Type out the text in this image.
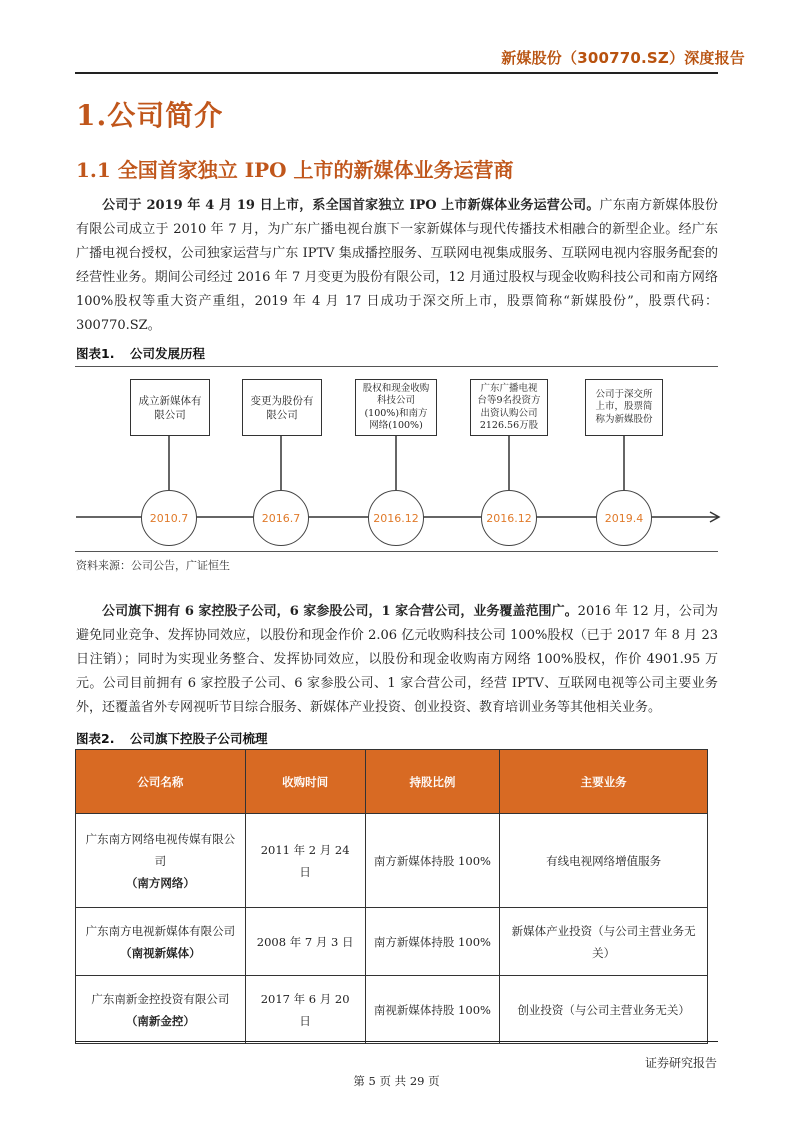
新媒股份（300770.SZ）深度报告
1.公司简介
1.1 全国首家独立 IPO 上市的新媒体业务运营商
公司于 2019 年 4 月 19 日上市，系全国首家独立 IPO 上市新媒体业务运营公司。广东南方新媒体股份有限公司成立于 2010 年 7 月，为广东广播电视台旗下一家新媒体与现代传播技术相融合的新型企业。经广东广播电视台授权，公司独家运营与广东 IPTV 集成播控服务、互联网电视集成服务、互联网电视内容服务配套的经营性业务。期间公司经过 2016 年 7 月变更为股份有限公司，12 月通过股权与现金收购科技公司和南方网络 100%股权等重大资产重组，2019 年 4 月 17 日成功于深交所上市，股票简称“新媒股份”，股票代码：300770.SZ。
图表1. 公司发展历程
成立新媒体有限公司
变更为股份有限公司
股权和现金收购科技公司(100%)和南方网络(100%)
广东广播电视台等9名投资方出资认购公司2126.56万股
公司于深交所上市，股票简称为新媒股份
2010.7	2016.7	2016.12	2016.12	2019.4
资料来源：公司公告，广证恒生
公司旗下拥有 6 家控股子公司，6 家参股公司，1 家合营公司，业务覆盖范围广。2016 年 12 月，公司为避免同业竞争、发挥协同效应，以股份和现金作价 2.06 亿元收购科技公司 100%股权（已于 2017 年 8 月 23 日注销）；同时为实现业务整合、发挥协同效应，以股份和现金收购南方网络 100%股权，作价 4901.95 万元。公司目前拥有 6 家控股子公司、6 家参股公司、1 家合营公司，经营 IPTV、互联网电视等公司主要业务外，还覆盖省外专网视听节目综合服务、新媒体产业投资、创业投资、教育培训业务等其他相关业务。
图表2. 公司旗下控股子公司梳理
公司名称	收购时间	持股比例	主要业务
广东南方网络电视传媒有限公司
（南方网络）	2011 年 2 月 24 日	南方新媒体持股 100%	有线电视网络增值服务
广东南方电视新媒体有限公司
（南视新媒体）	2008 年 7 月 3 日	南方新媒体持股 100%	新媒体产业投资（与公司主营业务无关）
广东南新金控投资有限公司
（南新金控）	2017 年 6 月 20 日	南视新媒体持股 100%	创业投资（与公司主营业务无关）
证券研究报告
第 5 页 共 29 页
